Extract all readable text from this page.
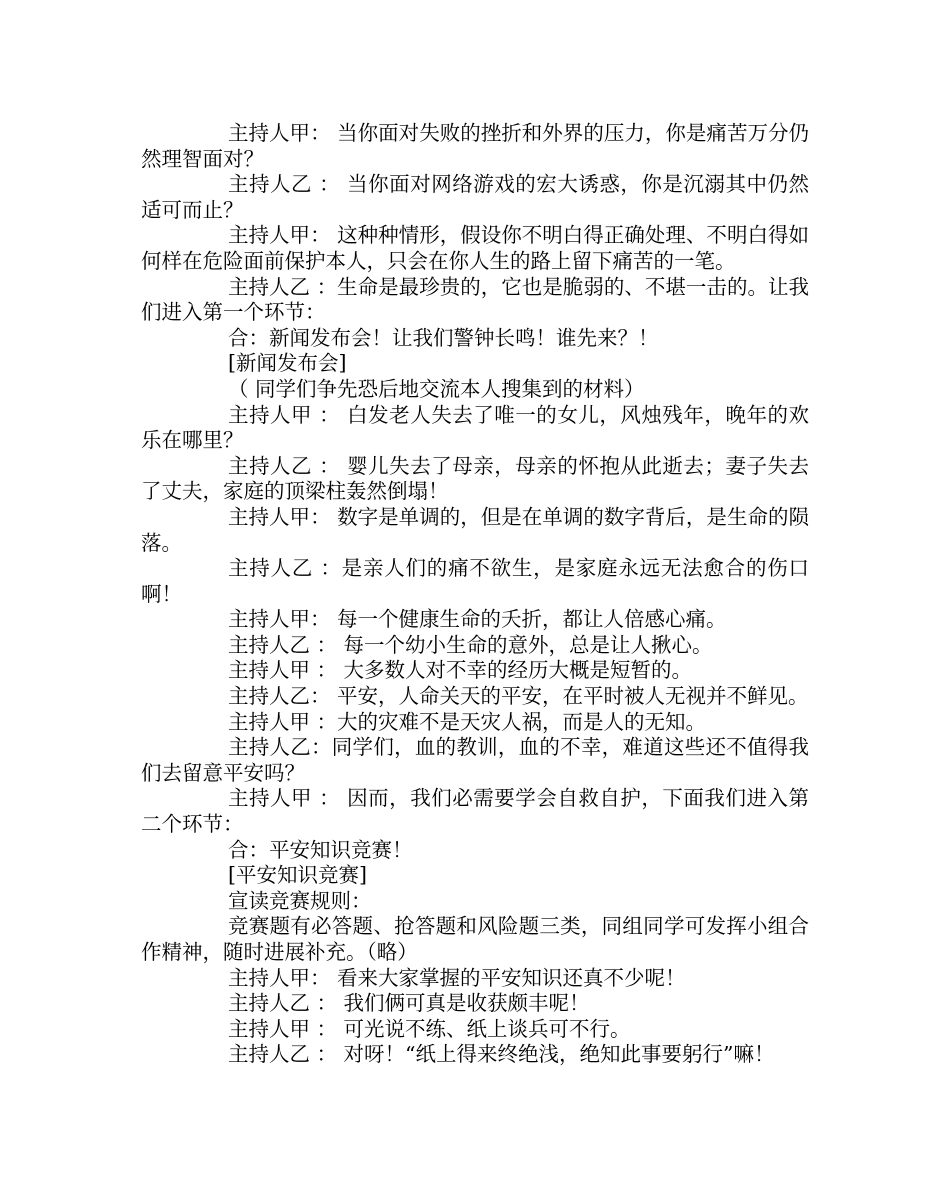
主持人甲： 当你面对失败的挫折和外界的压力，你是痛苦万分仍然理智面对？

主持人乙 ： 当你面对网络游戏的宏大诱惑，你是沉溺其中仍然适可而止？

主持人甲： 这种种情形，假设你不明白得正确处理、不明白得如何样在危险面前保护本人，只会在你人生的路上留下痛苦的一笔。

主持人乙 ：生命是最珍贵的，它也是脆弱的、不堪一击的。让我们进入第一个环节：

合：新闻发布会！让我们警钟长鸣！谁先来？！

[新闻发布会]

（ 同学们争先恐后地交流本人搜集到的材料）

主持人甲 ： 白发老人失去了唯一的女儿，风烛残年，晚年的欢乐在哪里？

主持人乙 ： 婴儿失去了母亲，母亲的怀抱从此逝去；妻子失去了丈夫，家庭的顶梁柱轰然倒塌！

主持人甲： 数字是单调的，但是在单调的数字背后，是生命的陨落。

主持人乙 ：是亲人们的痛不欲生，是家庭永远无法愈合的伤口啊！

主持人甲： 每一个健康生命的夭折，都让人倍感心痛。

主持人乙 ： 每一个幼小生命的意外，总是让人揪心。

主持人甲 ： 大多数人对不幸的经历大概是短暂的。

主持人乙： 平安，人命关天的平安，在平时被人无视并不鲜见。

主持人甲 ：大的灾难不是天灾人祸，而是人的无知。

主持人乙：同学们，血的教训，血的不幸，难道这些还不值得我们去留意平安吗？

主持人甲 ： 因而，我们必需要学会自救自护，下面我们进入第二个环节：

合：平安知识竞赛！

[平安知识竞赛]

宣读竞赛规则：

竞赛题有必答题、抢答题和风险题三类，同组同学可发挥小组合作精神，随时进展补充。（略）

主持人甲： 看来大家掌握的平安知识还真不少呢！

主持人乙 ： 我们俩可真是收获颇丰呢！

主持人甲 ： 可光说不练、纸上谈兵可不行。

主持人乙 ： 对呀！“纸上得来终绝浅，绝知此事要躬行”嘛！
